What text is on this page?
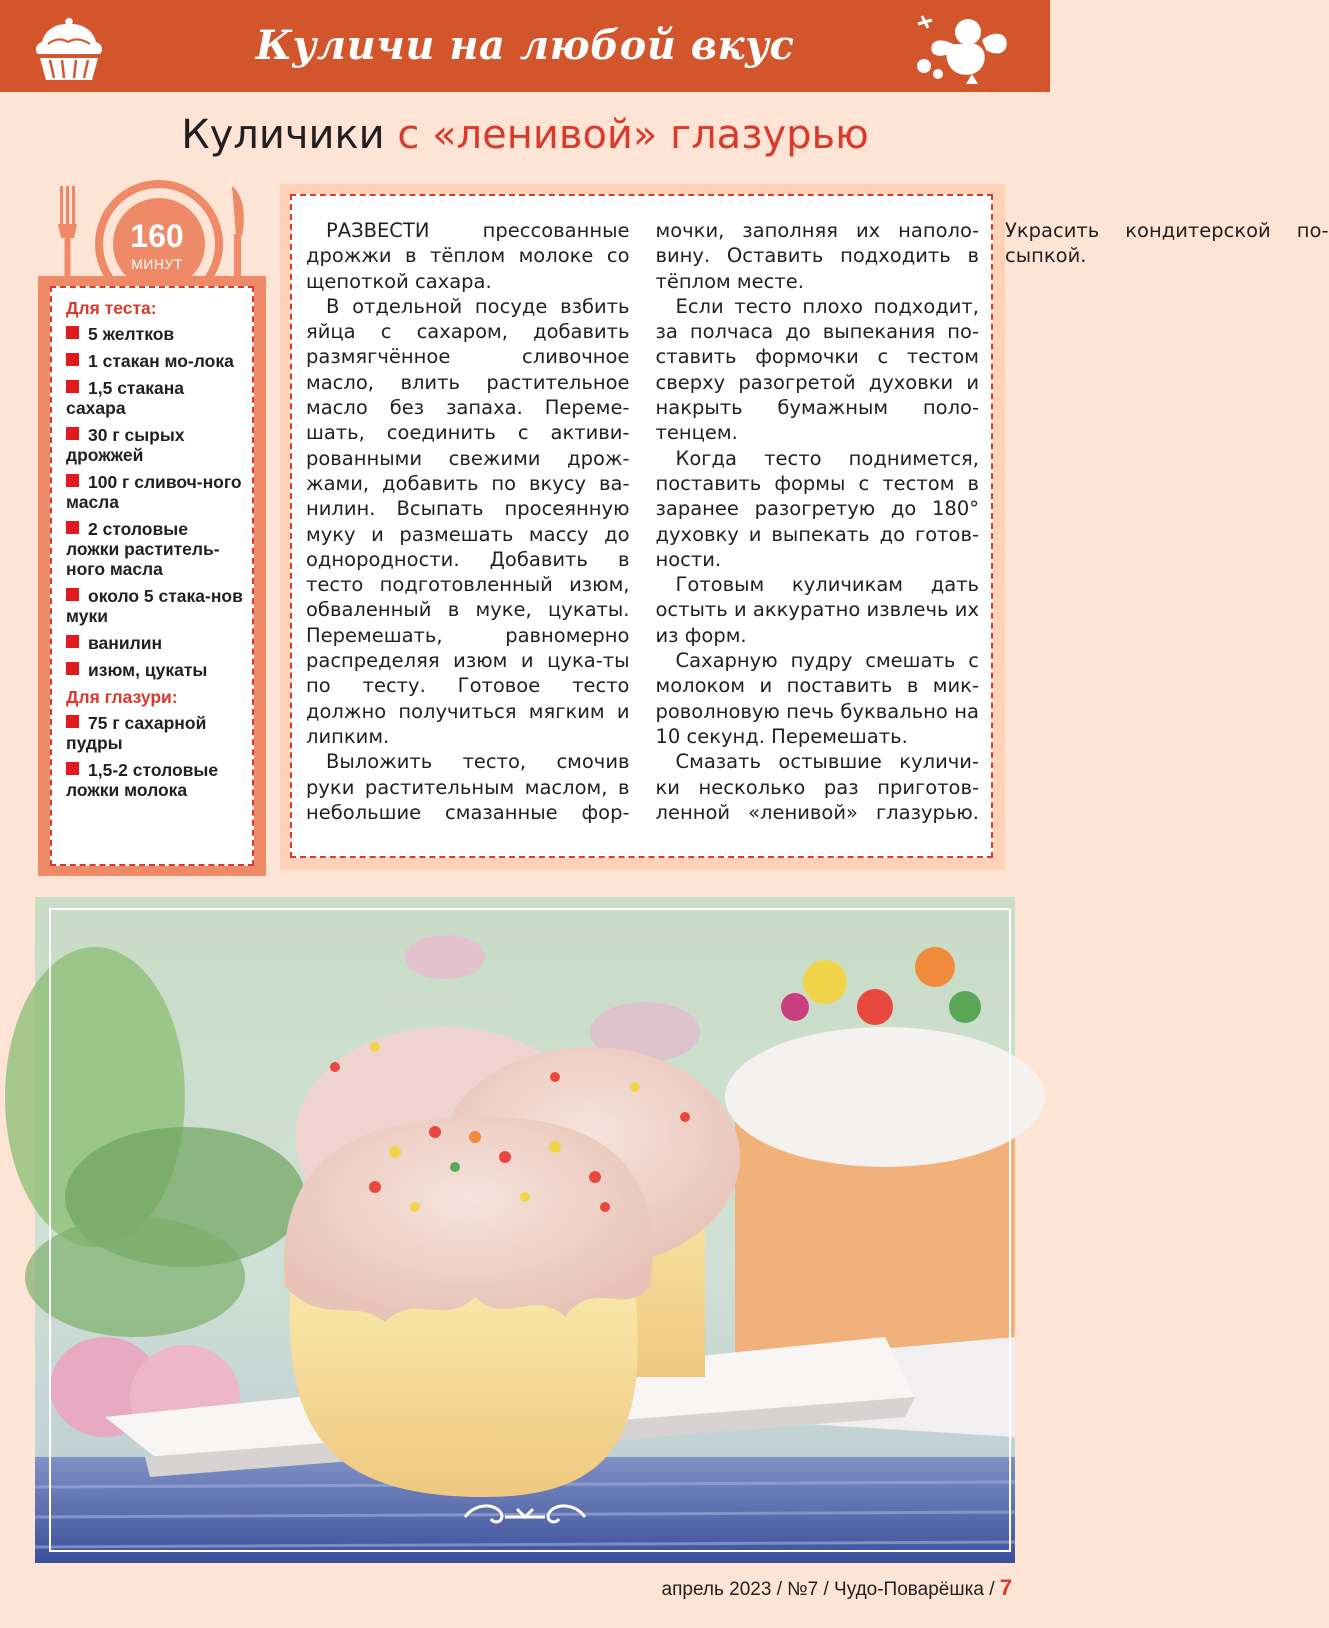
Куличи на любой вкус
Куличики с «ленивой» глазурью
160
МИНУТ
Для теста:
5 желтков
1 стакан мо-лока
1,5 стакана сахара
30 г сырых дрожжей
100 г сливоч-ного масла
2 столовые ложки раститель-ного масла
около 5 стака-нов муки
ванилин
изюм, цукаты
Для глазури:
75 г сахарной пудры
1,5-2 столовые ложки молока

РАЗВЕСТИ прессованные дрожжи в тёплом молоке со щепоткой сахара.

В отдельной посуде взбить яйца с сахаром, добавить размягчённое сливочное масло, влить растительное масло без запаха. Переме-шать, соединить с активи-рованными свежими дрож-жами, добавить по вкусу ва-нилин. Всыпать просеянную муку и размешать массу до однородности. Добавить в тесто подготовленный изюм, обваленный в муке, цукаты. Перемешать, равномерно распределяя изюм и цука-ты по тесту. Готовое тесто должно получиться мягким и липким.

Выложить тесто, смочив руки растительным маслом, в небольшие смазанные фор-мочки, заполняя их наполо-вину. Оставить подходить в тёплом месте.

Если тесто плохо подходит, за полчаса до выпекания по-ставить формочки с тестом сверху разогретой духовки и накрыть бумажным поло-тенцем.

Когда тесто поднимется, поставить формы с тестом в заранее разогретую до 180° духовку и выпекать до готов-ности.

Готовым куличикам дать остыть и аккуратно извлечь их из форм.

Сахарную пудру смешать с молоком и поставить в мик-роволновую печь буквально на 10 секунд. Перемешать.

Смазать остывшие куличи-ки несколько раз приготов-ленной «ленивой» глазурью. Украсить кондитерской по-сыпкой.

апрель 2023 / №7 / Чудо-Поварёшка / 7
